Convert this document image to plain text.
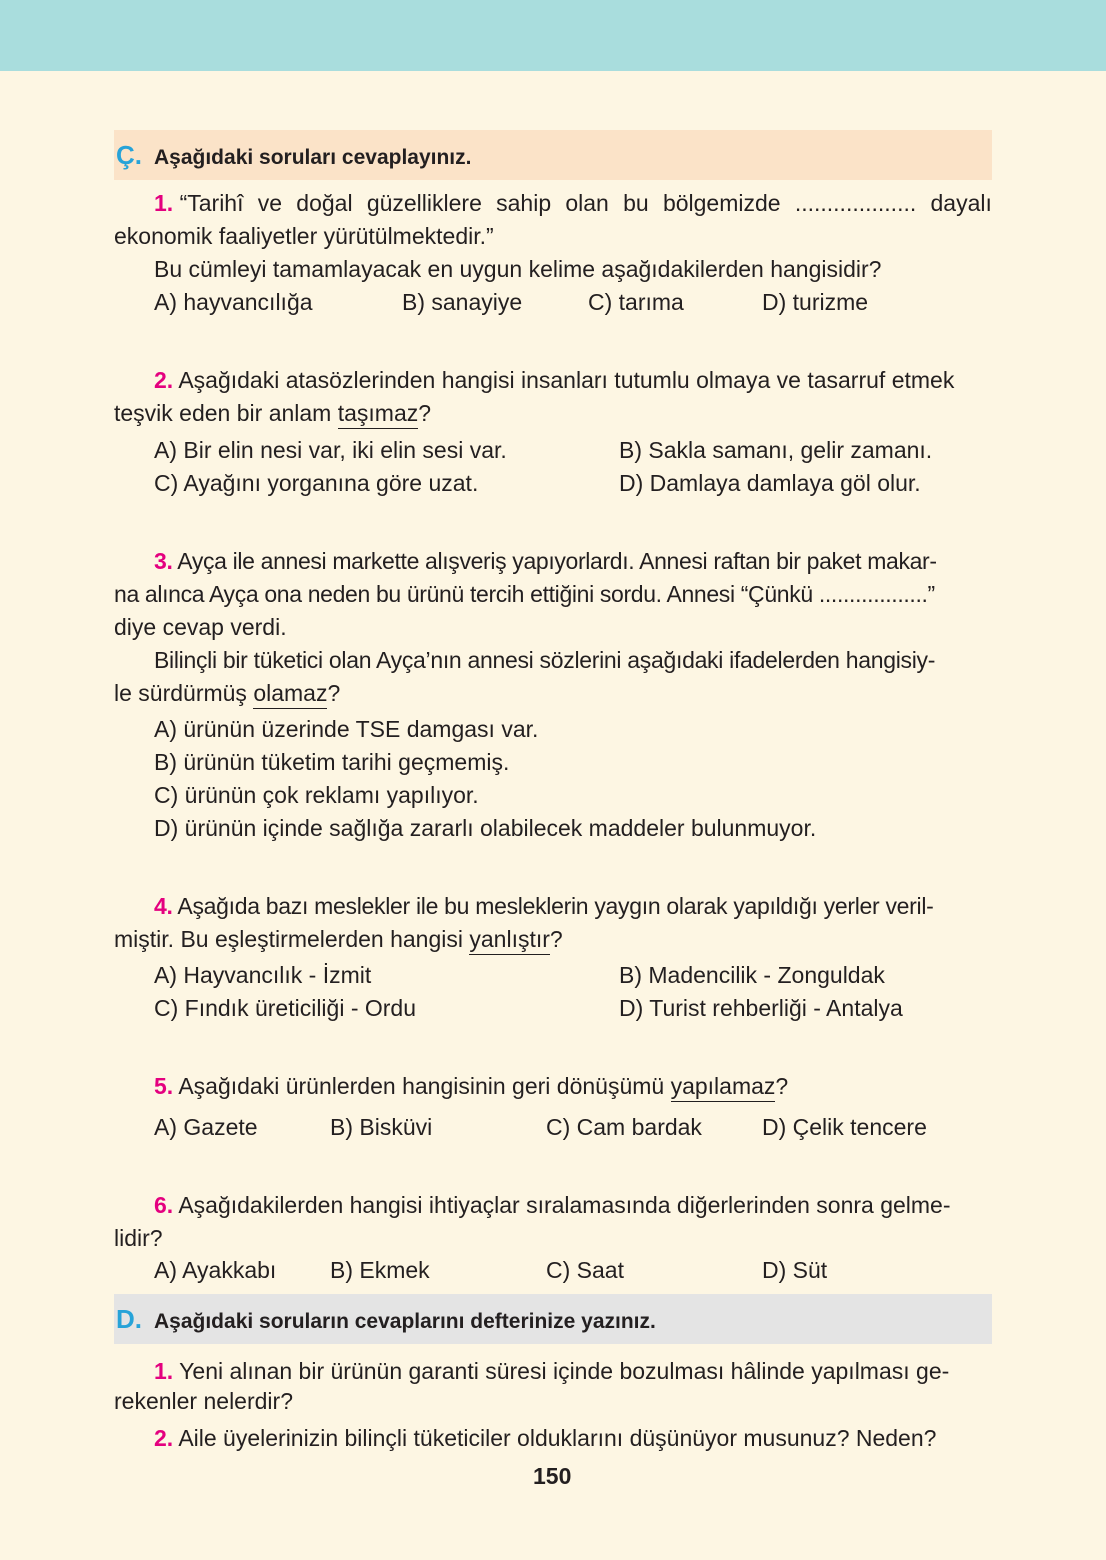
Ç. Aşağıdaki soruları cevaplayınız.
1. “Tarihî ve doğal güzelliklere sahip olan bu bölgemizde ................... dayalı
ekonomik faaliyetler yürütülmektedir.”
Bu cümleyi tamamlayacak en uygun kelime aşağıdakilerden hangisidir?
A) hayvancılığa	B) sanayiye	C) tarıma	D) turizme
2. Aşağıdaki atasözlerinden hangisi insanları tutumlu olmaya ve tasarruf etmek
teşvik eden bir anlam taşımaz?
A) Bir elin nesi var, iki elin sesi var.	B) Sakla samanı, gelir zamanı.
C) Ayağını yorganına göre uzat.	D) Damlaya damlaya göl olur.
3. Ayça ile annesi markette alışveriş yapıyorlardı. Annesi raftan bir paket makar-
na alınca Ayça ona neden bu ürünü tercih ettiğini sordu. Annesi “Çünkü ..................”
diye cevap verdi.
Bilinçli bir tüketici olan Ayça’nın annesi sözlerini aşağıdaki ifadelerden hangisiy-
le sürdürmüş olamaz?
A) ürünün üzerinde TSE damgası var.
B) ürünün tüketim tarihi geçmemiş.
C) ürünün çok reklamı yapılıyor.
D) ürünün içinde sağlığa zararlı olabilecek maddeler bulunmuyor.
4. Aşağıda bazı meslekler ile bu mesleklerin yaygın olarak yapıldığı yerler veril-
miştir. Bu eşleştirmelerden hangisi yanlıştır?
A) Hayvancılık - İzmit	B) Madencilik - Zonguldak
C) Fındık üreticiliği - Ordu	D) Turist rehberliği - Antalya
5. Aşağıdaki ürünlerden hangisinin geri dönüşümü yapılamaz?
A) Gazete	B) Bisküvi	C) Cam bardak	D) Çelik tencere
6. Aşağıdakilerden hangisi ihtiyaçlar sıralamasında diğerlerinden sonra gelme-
lidir?
A) Ayakkabı B) Ekmek	C) Saat	D) Süt
D. Aşağıdaki soruların cevaplarını defterinize yazınız.
1. Yeni alınan bir ürünün garanti süresi içinde bozulması hâlinde yapılması ge-
rekenler nelerdir?
2. Aile üyelerinizin bilinçli tüketiciler olduklarını düşünüyor musunuz? Neden?
150
